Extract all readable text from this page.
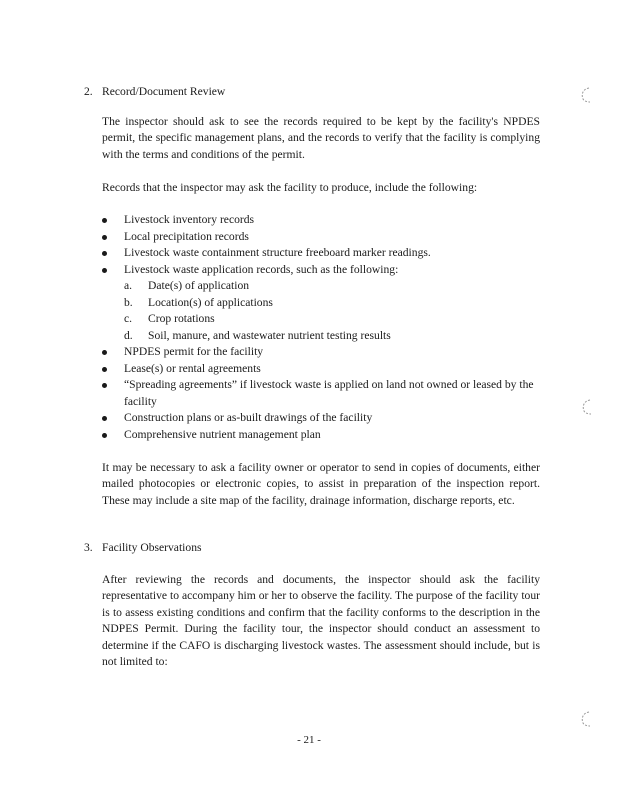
2. Record/Document Review

The inspector should ask to see the records required to be kept by the facility's NPDES permit, the specific management plans, and the records to verify that the facility is complying with the terms and conditions of the permit.

Records that the inspector may ask the facility to produce, include the following:

Livestock inventory records
Local precipitation records
Livestock waste containment structure freeboard marker readings.
Livestock waste application records, such as the following:
a. Date(s) of application
b. Location(s) of applications
c. Crop rotations
d. Soil, manure, and wastewater nutrient testing results
NPDES permit for the facility
Lease(s) or rental agreements
“Spreading agreements” if livestock waste is applied on land not owned or leased by the facility
Construction plans or as-built drawings of the facility
Comprehensive nutrient management plan

It may be necessary to ask a facility owner or operator to send in copies of documents, either mailed photocopies or electronic copies, to assist in preparation of the inspection report. These may include a site map of the facility, drainage information, discharge reports, etc.

3. Facility Observations

After reviewing the records and documents, the inspector should ask the facility representative to accompany him or her to observe the facility. The purpose of the facility tour is to assess existing conditions and confirm that the facility conforms to the description in the NDPES Permit. During the facility tour, the inspector should conduct an assessment to determine if the CAFO is discharging livestock wastes. The assessment should include, but is not limited to:

- 21 -
